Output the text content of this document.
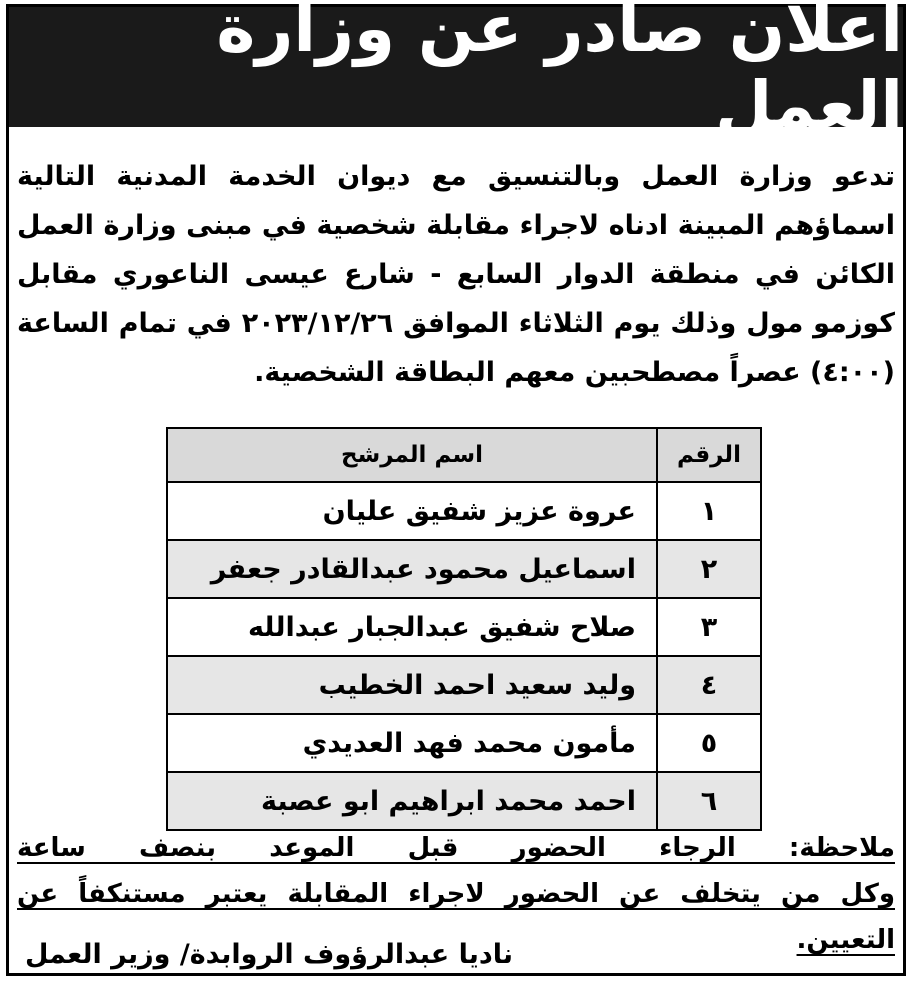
اعلان صادر عن وزارة العمل
تدعو وزارة العمل وبالتنسيق مع ديوان الخدمة المدنية التالية اسماؤهم المبينة ادناه لاجراء مقابلة شخصية في مبنى وزارة العمل الكائن في منطقة الدوار السابع - شارع عيسى الناعوري مقابل كوزمو مول وذلك يوم الثلاثاء الموافق ٢٠٢٣/١٢/٢٦ في تمام الساعة (٤:٠٠) عصراً مصطحبين معهم البطاقة الشخصية.
الرقم	اسم المرشح
١	عروة عزيز شفيق عليان
٢	اسماعيل محمود عبدالقادر جعفر
٣	صلاح شفيق عبدالجبار عبدالله
٤	وليد سعيد احمد الخطيب
٥	مأمون محمد فهد العديدي
٦	احمد محمد ابراهيم ابو عصبة

ملاحظة: الرجاء الحضور قبل الموعد بنصف ساعة

وكل من يتخلف عن الحضور لاجراء المقابلة يعتبر مستنكفاً عن التعيين.

ناديا عبدالرؤوف الروابدة/ وزير العمل
